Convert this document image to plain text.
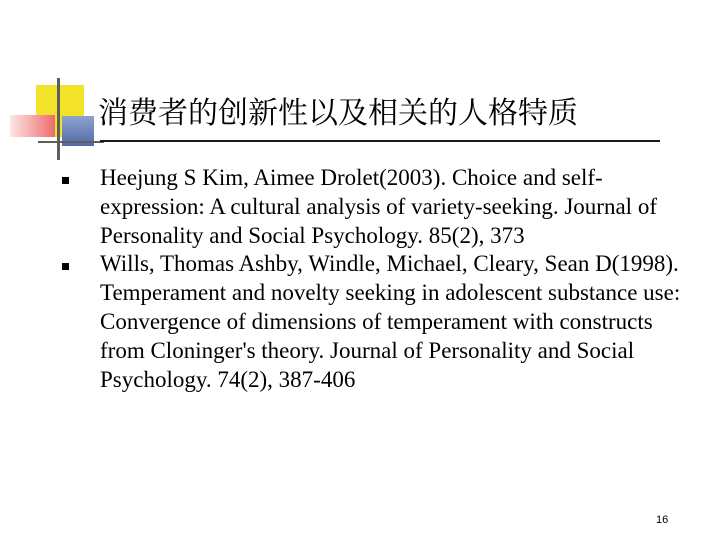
消费者的创新性以及相关的人格特质
Heejung S Kim, Aimee Drolet(2003). Choice and self-expression: A cultural analysis of variety-seeking. Journal of Personality and Social Psychology. 85(2), 373
Wills, Thomas Ashby, Windle, Michael, Cleary, Sean D(1998). Temperament and novelty seeking in adolescent substance use: Convergence of dimensions of temperament with constructs from Cloninger's theory. Journal of Personality and Social Psychology. 74(2), 387-406
16
